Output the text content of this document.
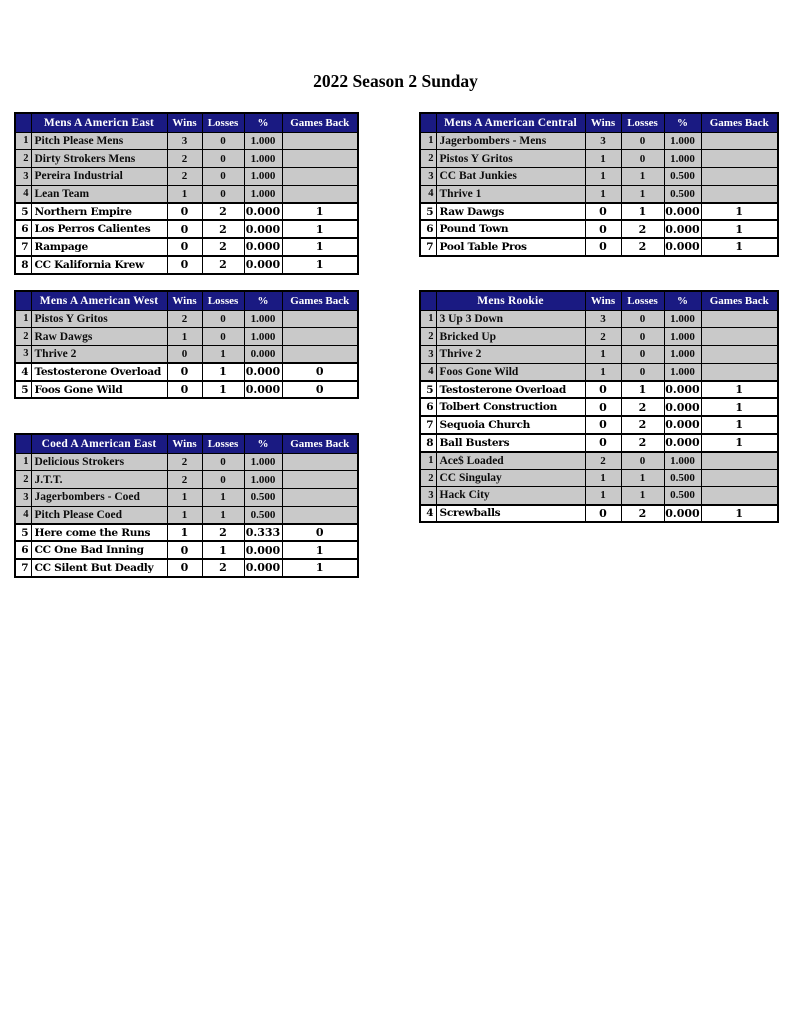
2022 Season 2 Sunday
	Mens A Americn East	Wins	Losses	%	Games Back
1	Pitch Please Mens	3	0	1.000	
2	Dirty Strokers Mens	2	0	1.000	
3	Pereira Industrial	2	0	1.000	
4	Lean Team	1	0	1.000	
5	Northern Empire	0	2	0.000	1
6	Los Perros Calientes	0	2	0.000	1
7	Rampage	0	2	0.000	1
8	CC Kalifornia Krew	0	2	0.000	1
	Mens A American Central	Wins	Losses	%	Games Back
1	Jagerbombers - Mens	3	0	1.000	
2	Pistos Y Gritos	1	0	1.000	
3	CC Bat Junkies	1	1	0.500	
4	Thrive 1	1	1	0.500	
5	Raw Dawgs	0	1	0.000	1
6	Pound Town	0	2	0.000	1
7	Pool Table Pros	0	2	0.000	1
	Mens A American West	Wins	Losses	%	Games Back
1	Pistos Y Gritos	2	0	1.000	
2	Raw Dawgs	1	0	1.000	
3	Thrive 2	0	1	0.000	
4	Testosterone Overload	0	1	0.000	0
5	Foos Gone Wild	0	1	0.000	0
	Mens Rookie	Wins	Losses	%	Games Back
1	3 Up 3 Down	3	0	1.000	
2	Bricked Up	2	0	1.000	
3	Thrive 2	1	0	1.000	
4	Foos Gone Wild	1	0	1.000	
5	Testosterone Overload	0	1	0.000	1
6	Tolbert Construction	0	2	0.000	1
7	Sequoia Church	0	2	0.000	1
8	Ball Busters	0	2	0.000	1
1	Ace$ Loaded	2	0	1.000	
2	CC Singulay	1	1	0.500	
3	Hack City	1	1	0.500	
4	Screwballs	0	2	0.000	1
	Coed A American East	Wins	Losses	%	Games Back
1	Delicious Strokers	2	0	1.000	
2	J.T.T.	2	0	1.000	
3	Jagerbombers - Coed	1	1	0.500	
4	Pitch Please Coed	1	1	0.500	
5	Here come the Runs	1	2	0.333	0
6	CC One Bad Inning	0	1	0.000	1
7	CC Silent But Deadly	0	2	0.000	1
